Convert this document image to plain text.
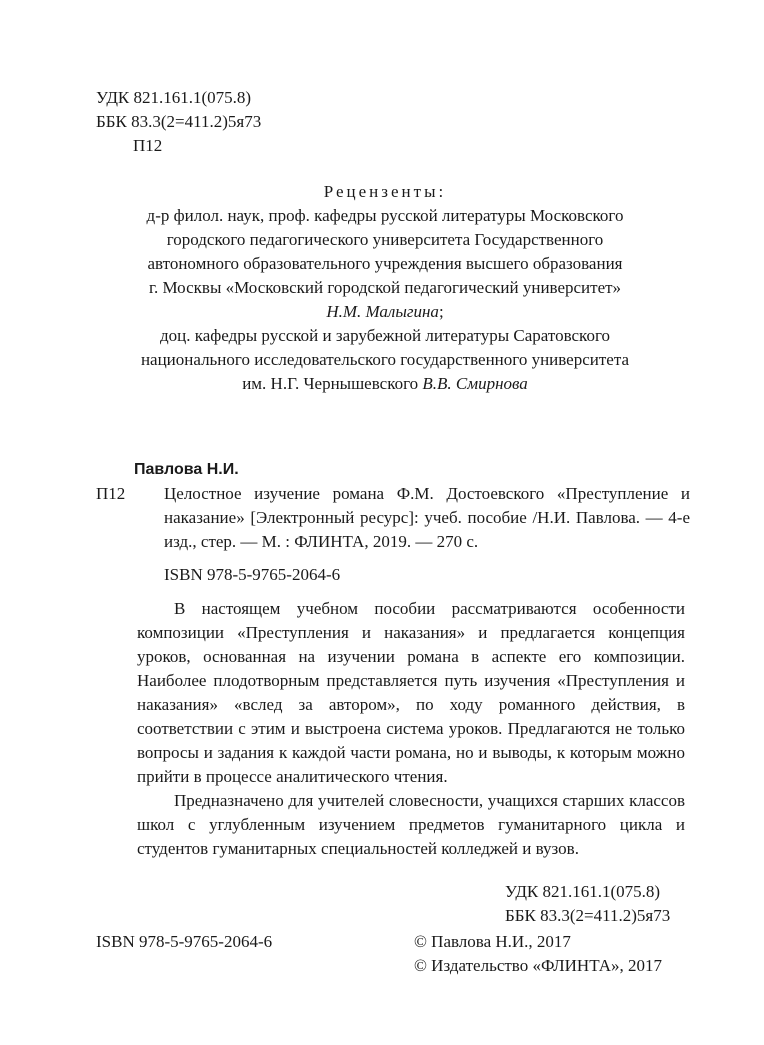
УДК 821.161.1(075.8)
ББК 83.3(2=411.2)5я73
П12
Рецензенты:
д-р филол. наук, проф. кафедры русской литературы Московского
городского педагогического университета Государственного
автономного образовательного учреждения высшего образования
г. Москвы «Московский городской педагогический университет»
Н.М. Малыгина;
доц. кафедры русской и зарубежной литературы Саратовского
национального исследовательского государственного университета
им. Н.Г. Чернышевского В.В. Смирнова
Павлова Н.И.
П12 Целостное изучение романа Ф.М. Достоевского «Преступление и наказание» [Электронный ресурс]: учеб. пособие /Н.И. Павлова. — 4-е изд., стер. — М. : ФЛИНТА, 2019. — 270 с.
ISBN 978-5-9765-2064-6

В настоящем учебном пособии рассматриваются особенности композиции «Преступления и наказания» и предлагается концепция уроков, основанная на изучении романа в аспекте его композиции. Наиболее плодотворным представляется путь изучения «Преступления и наказания» «вслед за автором», по ходу романного действия, в соответствии с этим и выстроена система уроков. Предлагаются не только вопросы и задания к каждой части романа, но и выводы, к которым можно прийти в процессе аналитического чтения.

Предназначено для учителей словесности, учащихся старших классов школ с углубленным изучением предметов гуманитарного цикла и студентов гуманитарных специальностей колледжей и вузов.

УДК 821.161.1(075.8)
ББК 83.3(2=411.2)5я73
ISBN 978-5-9765-2064-6	© Павлова Н.И., 2017
© Издательство «ФЛИНТА», 2017
